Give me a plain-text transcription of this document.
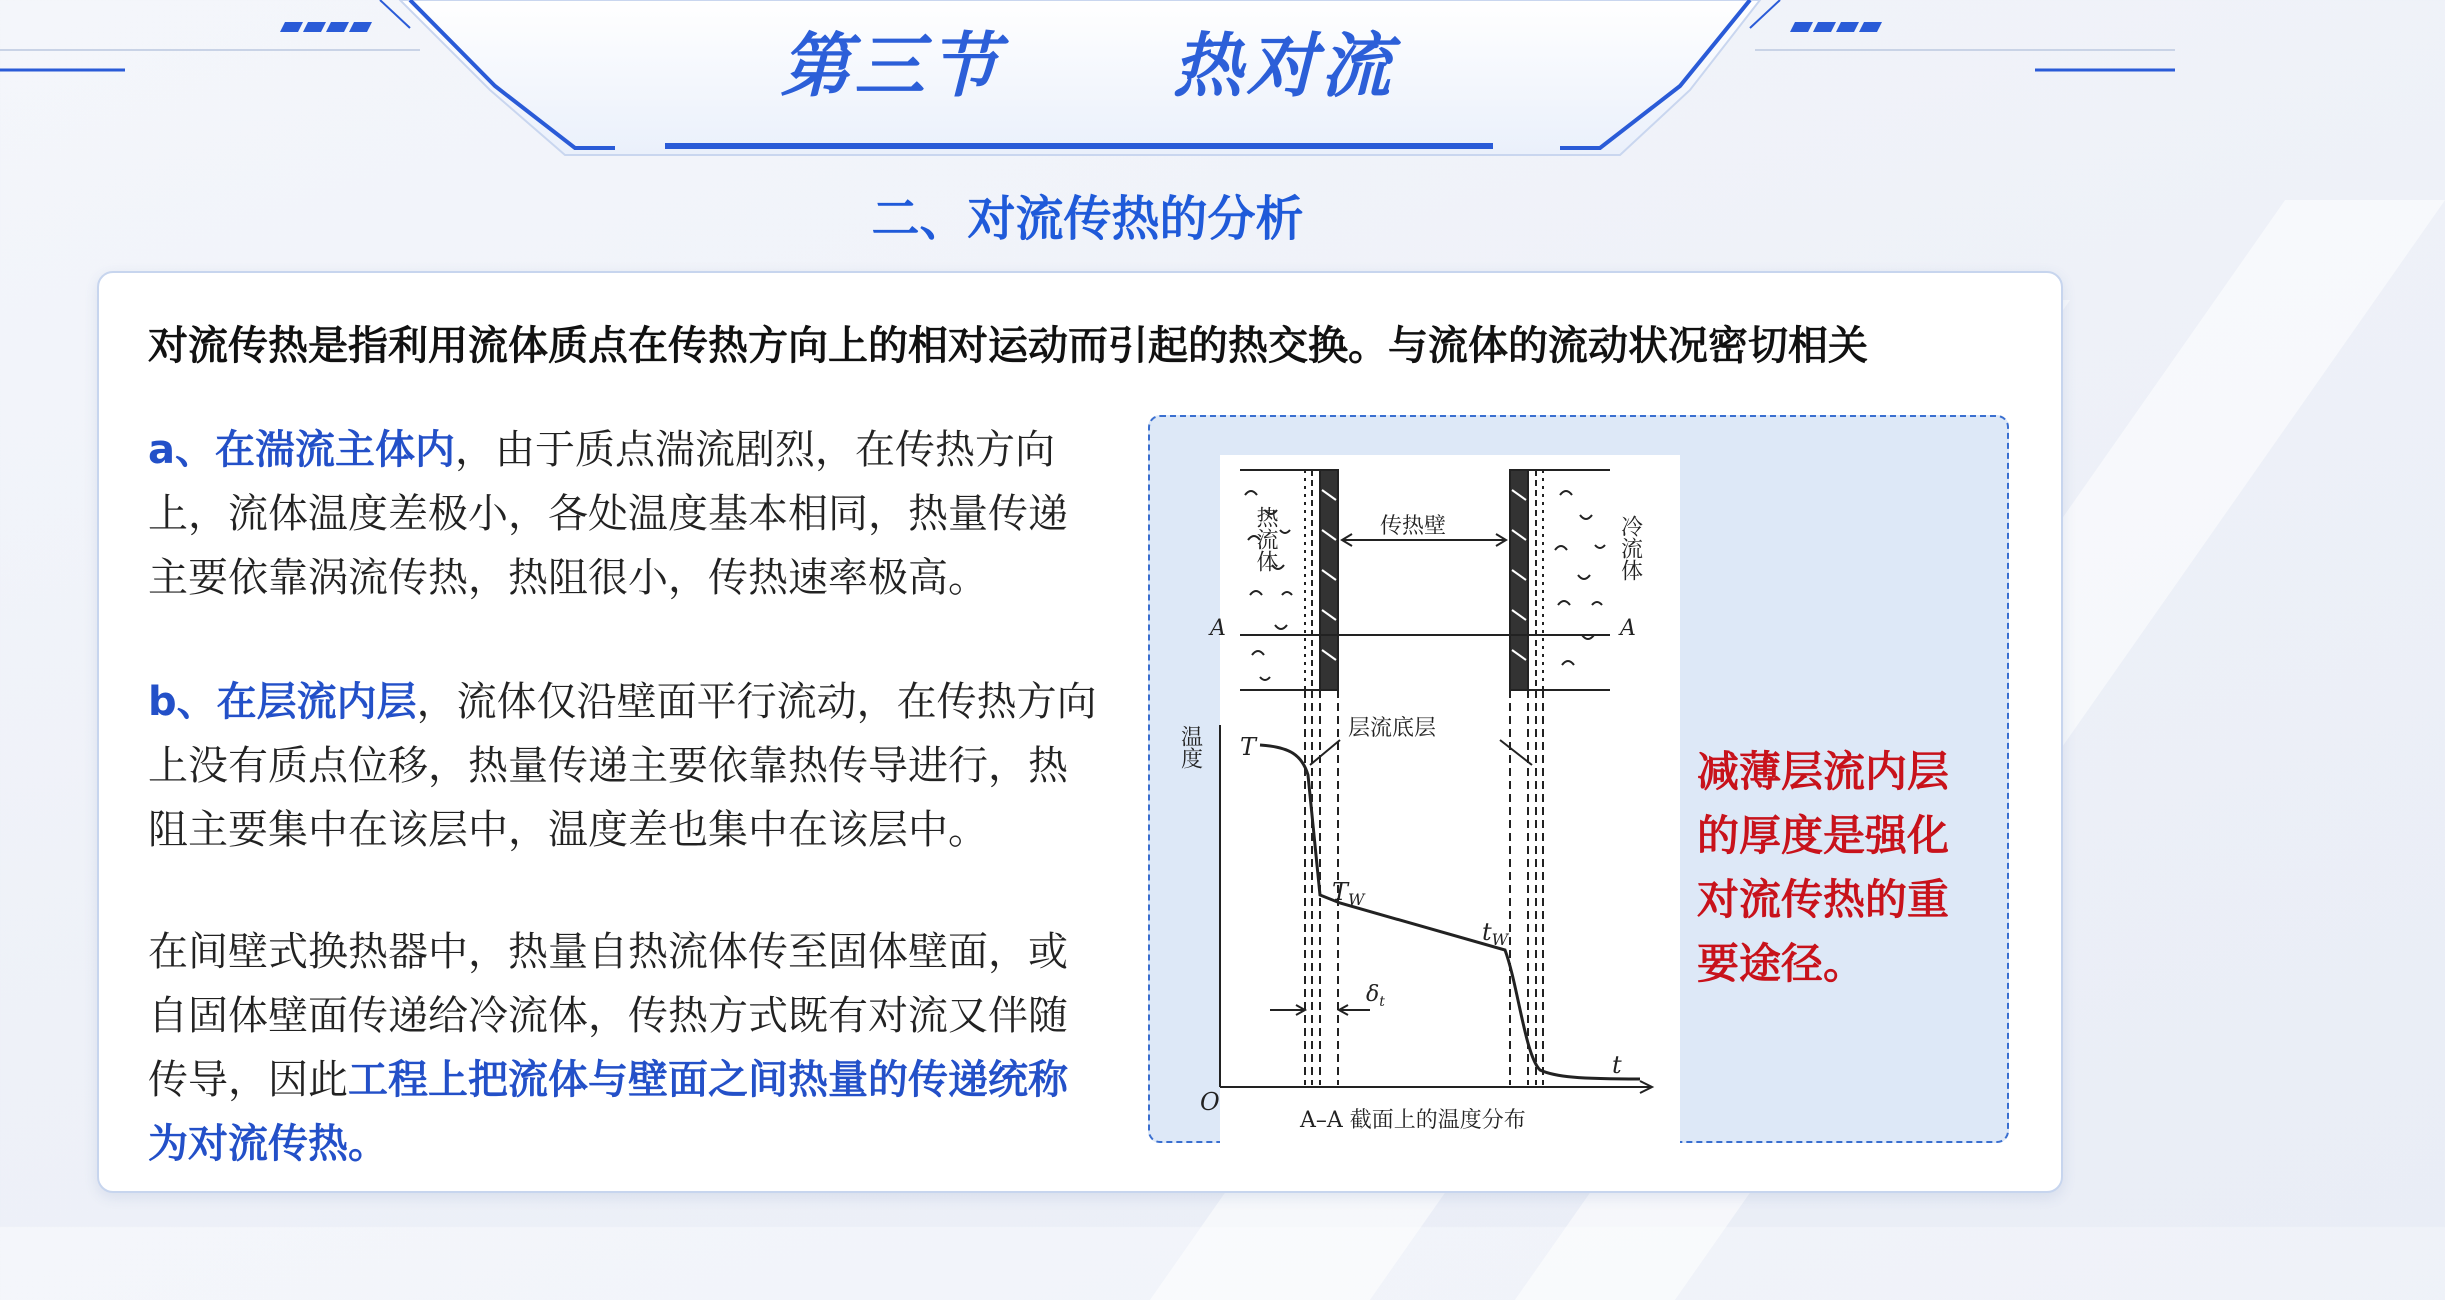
第三节      热对流
二、对流传热的分析
对流传热是指利用流体质点在传热方向上的相对运动而引起的热交换。与流体的流动状况密切相关
a、在湍流主体内，由于质点湍流剧烈，在传热方向上，流体温度差极小，各处温度基本相同，热量传递主要依靠涡流传热，热阻很小，传热速率极高。
b、在层流内层，流体仅沿壁面平行流动，在传热方向上没有质点位移，热量传递主要依靠热传导进行，热阻主要集中在该层中，温度差也集中在该层中。
在间壁式换热器中，热量自热流体传至固体壁面，或自固体壁面传递给冷流体，传热方式既有对流又伴随传导，因此工程上把流体与壁面之间热量的传递统称为对流传热。
热流体	冷流体
传热壁
A	A
温度	层流底层
T
$T_W$
$t_W$
$\delta_t$
t
O
A–A 截面上的温度分布
减薄层流内层的厚度是强化对流传热的重要途径。
